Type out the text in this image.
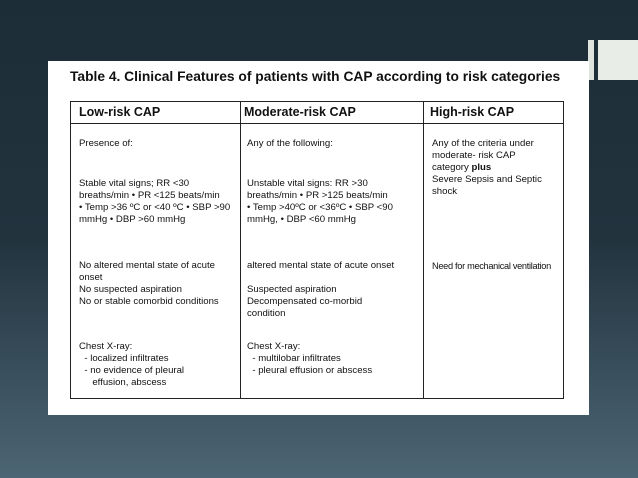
Table 4. Clinical Features of patients with CAP according to risk categories
Low-risk CAP
Presence of:
Stable vital signs; RR <30
breaths/min • PR <125 beats/min
• Temp >36 ºC or <40 ºC • SBP >90
mmHg • DBP >60 mmHg
No altered mental state of acute
onset
No suspected aspiration
No or stable comorbid conditions
Chest X-ray:
- localized infiltrates
- no evidence of pleural
effusion, abscess
Moderate-risk CAP
Any of the following:
Unstable vital signs: RR >30
breaths/min • PR >125 beats/min
• Temp >40ºC or <36ºC • SBP <90
mmHg, • DBP <60 mmHg
altered mental state of acute onset

Suspected aspiration
Decompensated co-morbid
condition
Chest X-ray:
- multilobar infiltrates
- pleural effusion or abscess
High-risk CAP
Any of the criteria under
moderate- risk CAP
category plus
Severe Sepsis and Septic
shock
Need for mechanical ventilation
